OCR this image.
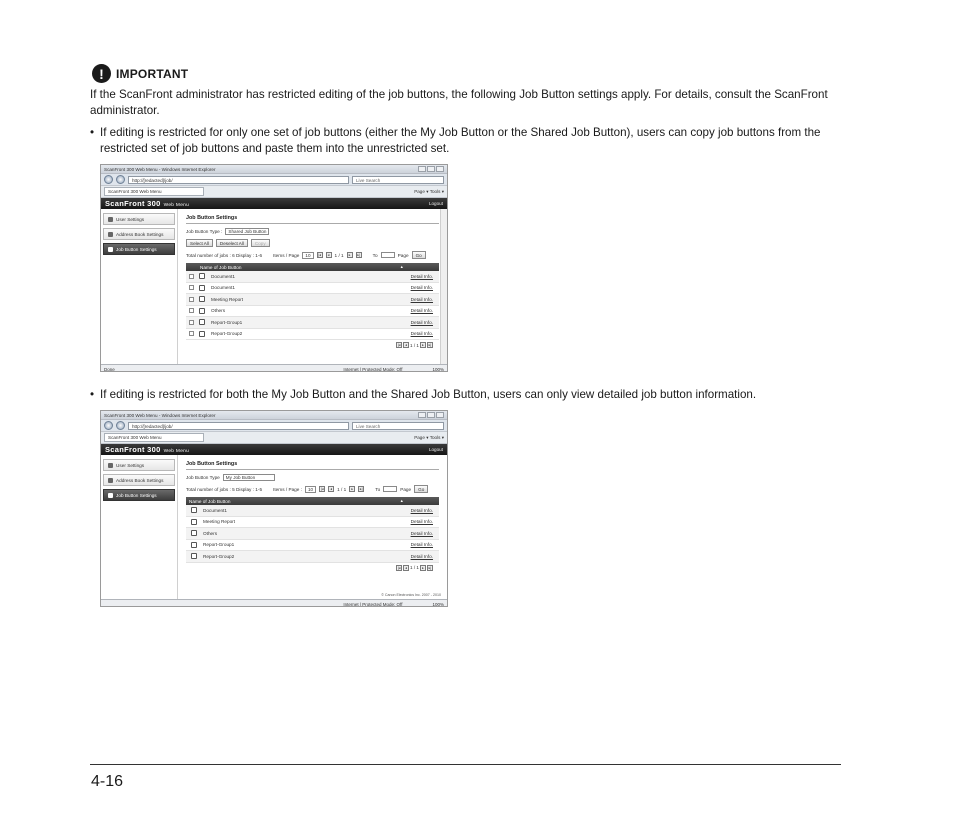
!	IMPORTANT
If the ScanFront administrator has restricted editing of the job buttons, the following Job Button settings apply. For details, consult the ScanFront administrator.
• If editing is restricted for only one set of job buttons (either the My Job Button or the Shared Job Button), users can copy job buttons from the restricted set of job buttons and paste them into the unrestricted set.
ScanFront 300 Web Menu - Windows Internet Explorer
http://[redacted]/job/	Live Search
ScanFront 300 Web Menu	Page ▾ Tools ▾
ScanFront 300 Web Menu	Logout
User Settings
Address Book Settings
Job Button Settings
Job Button Settings
Job Button Type :	Shared Job Button
Select All	Deselect All	Copy
Total number of jobs : 6 Display : 1-6 Items / Page	10	|◂	◂	1 / 1	▸	▸|	To	Page	Go
Name of Job Button	▴
Document1	Detail Info.
Document1	Detail Info.
Meeting Report	Detail Info.
Others	Detail Info.
Report-Group1	Detail Info.
Report-Group2	Detail Info.
|◂	◂ 1 / 1 ▸	▸|
Done	Internet | Protected Mode: Off	100%
• If editing is restricted for both the My Job Button and the Shared Job Button, users can only view detailed job button information.
ScanFront 300 Web Menu - Windows Internet Explorer
http://[redacted]/job/	Live Search
ScanFront 300 Web Menu	Page ▾ Tools ▾
ScanFront 300 Web Menu	Logout
User Settings
Address Book Settings
Job Button Settings
Job Button Settings
Job Button Type	My Job Button
Total number of jobs : 5 Display : 1-5 Items / Page :	10	|◂	◂	1 / 1	▸	▸|	To	Page	Go
Name of Job Button	▴
Document1	Detail Info.
Meeting Report	Detail Info.
Others	Detail Info.
Report-Group1	Detail Info.
Report-Group2	Detail Info.
|◂	◂ 1 / 1 ▸	▸|
© Canon Electronics Inc. 2007 - 2010
Internet | Protected Mode: Off	100%
4-16
